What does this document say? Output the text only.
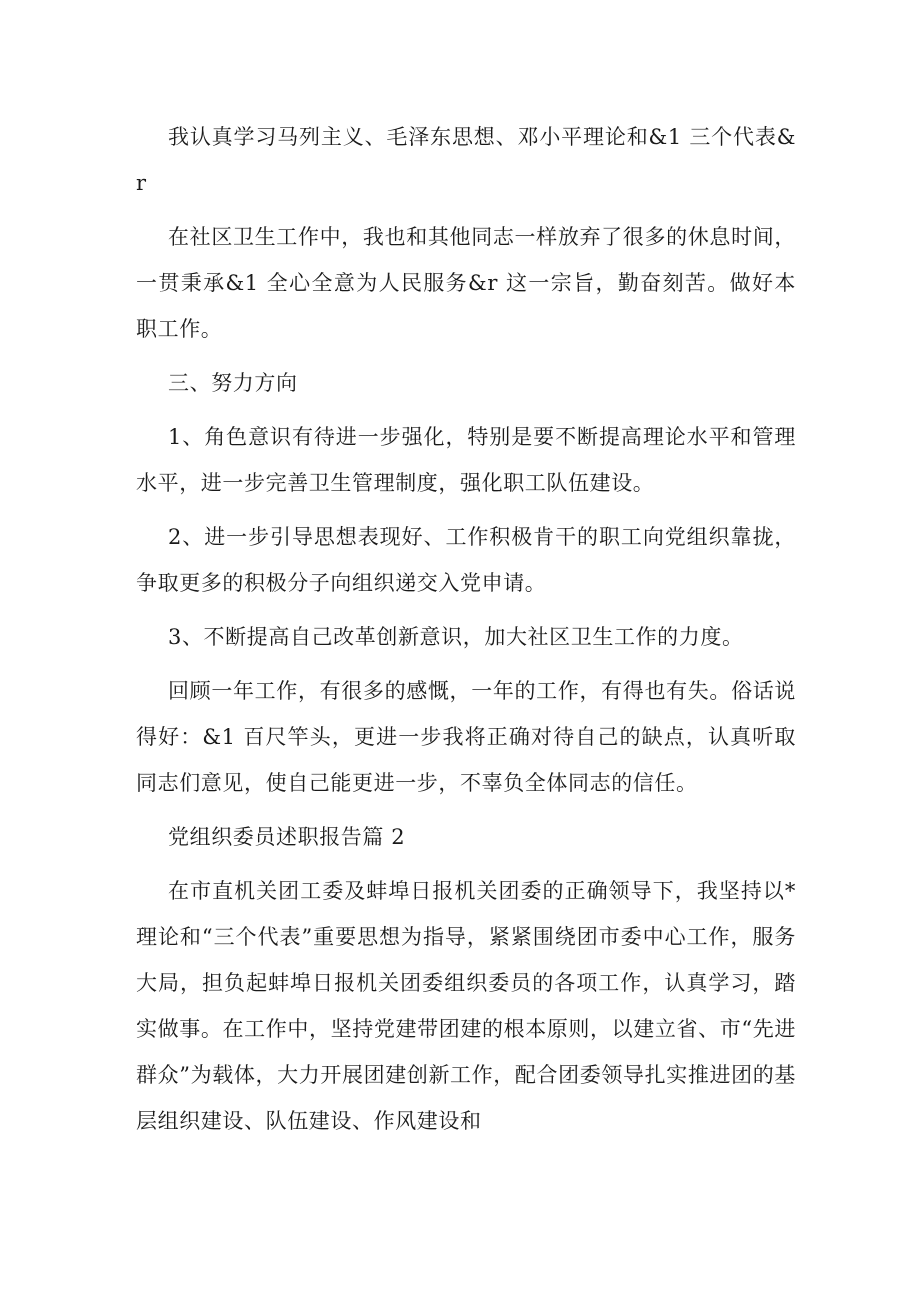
我认真学习马列主义、毛泽东思想、邓小平理论和&1 三个代表&r

在社区卫生工作中，我也和其他同志一样放弃了很多的休息时间，一贯秉承&1 全心全意为人民服务&r 这一宗旨，勤奋刻苦。做好本职工作。

三、努力方向

1、角色意识有待进一步强化，特别是要不断提高理论水平和管理水平，进一步完善卫生管理制度，强化职工队伍建设。

2、进一步引导思想表现好、工作积极肯干的职工向党组织靠拢，争取更多的积极分子向组织递交入党申请。

3、不断提高自己改革创新意识，加大社区卫生工作的力度。

回顾一年工作，有很多的感慨，一年的工作，有得也有失。俗话说得好：&1 百尺竿头，更进一步我将正确对待自己的缺点，认真听取同志们意见，使自己能更进一步，不辜负全体同志的信任。

党组织委员述职报告篇 2

在市直机关团工委及蚌埠日报机关团委的正确领导下，我坚持以*理论和“三个代表”重要思想为指导，紧紧围绕团市委中心工作，服务大局，担负起蚌埠日报机关团委组织委员的各项工作，认真学习，踏实做事。在工作中，坚持党建带团建的根本原则，以建立省、市“先进群众”为载体，大力开展团建创新工作，配合团委领导扎实推进团的基层组织建设、队伍建设、作风建设和
